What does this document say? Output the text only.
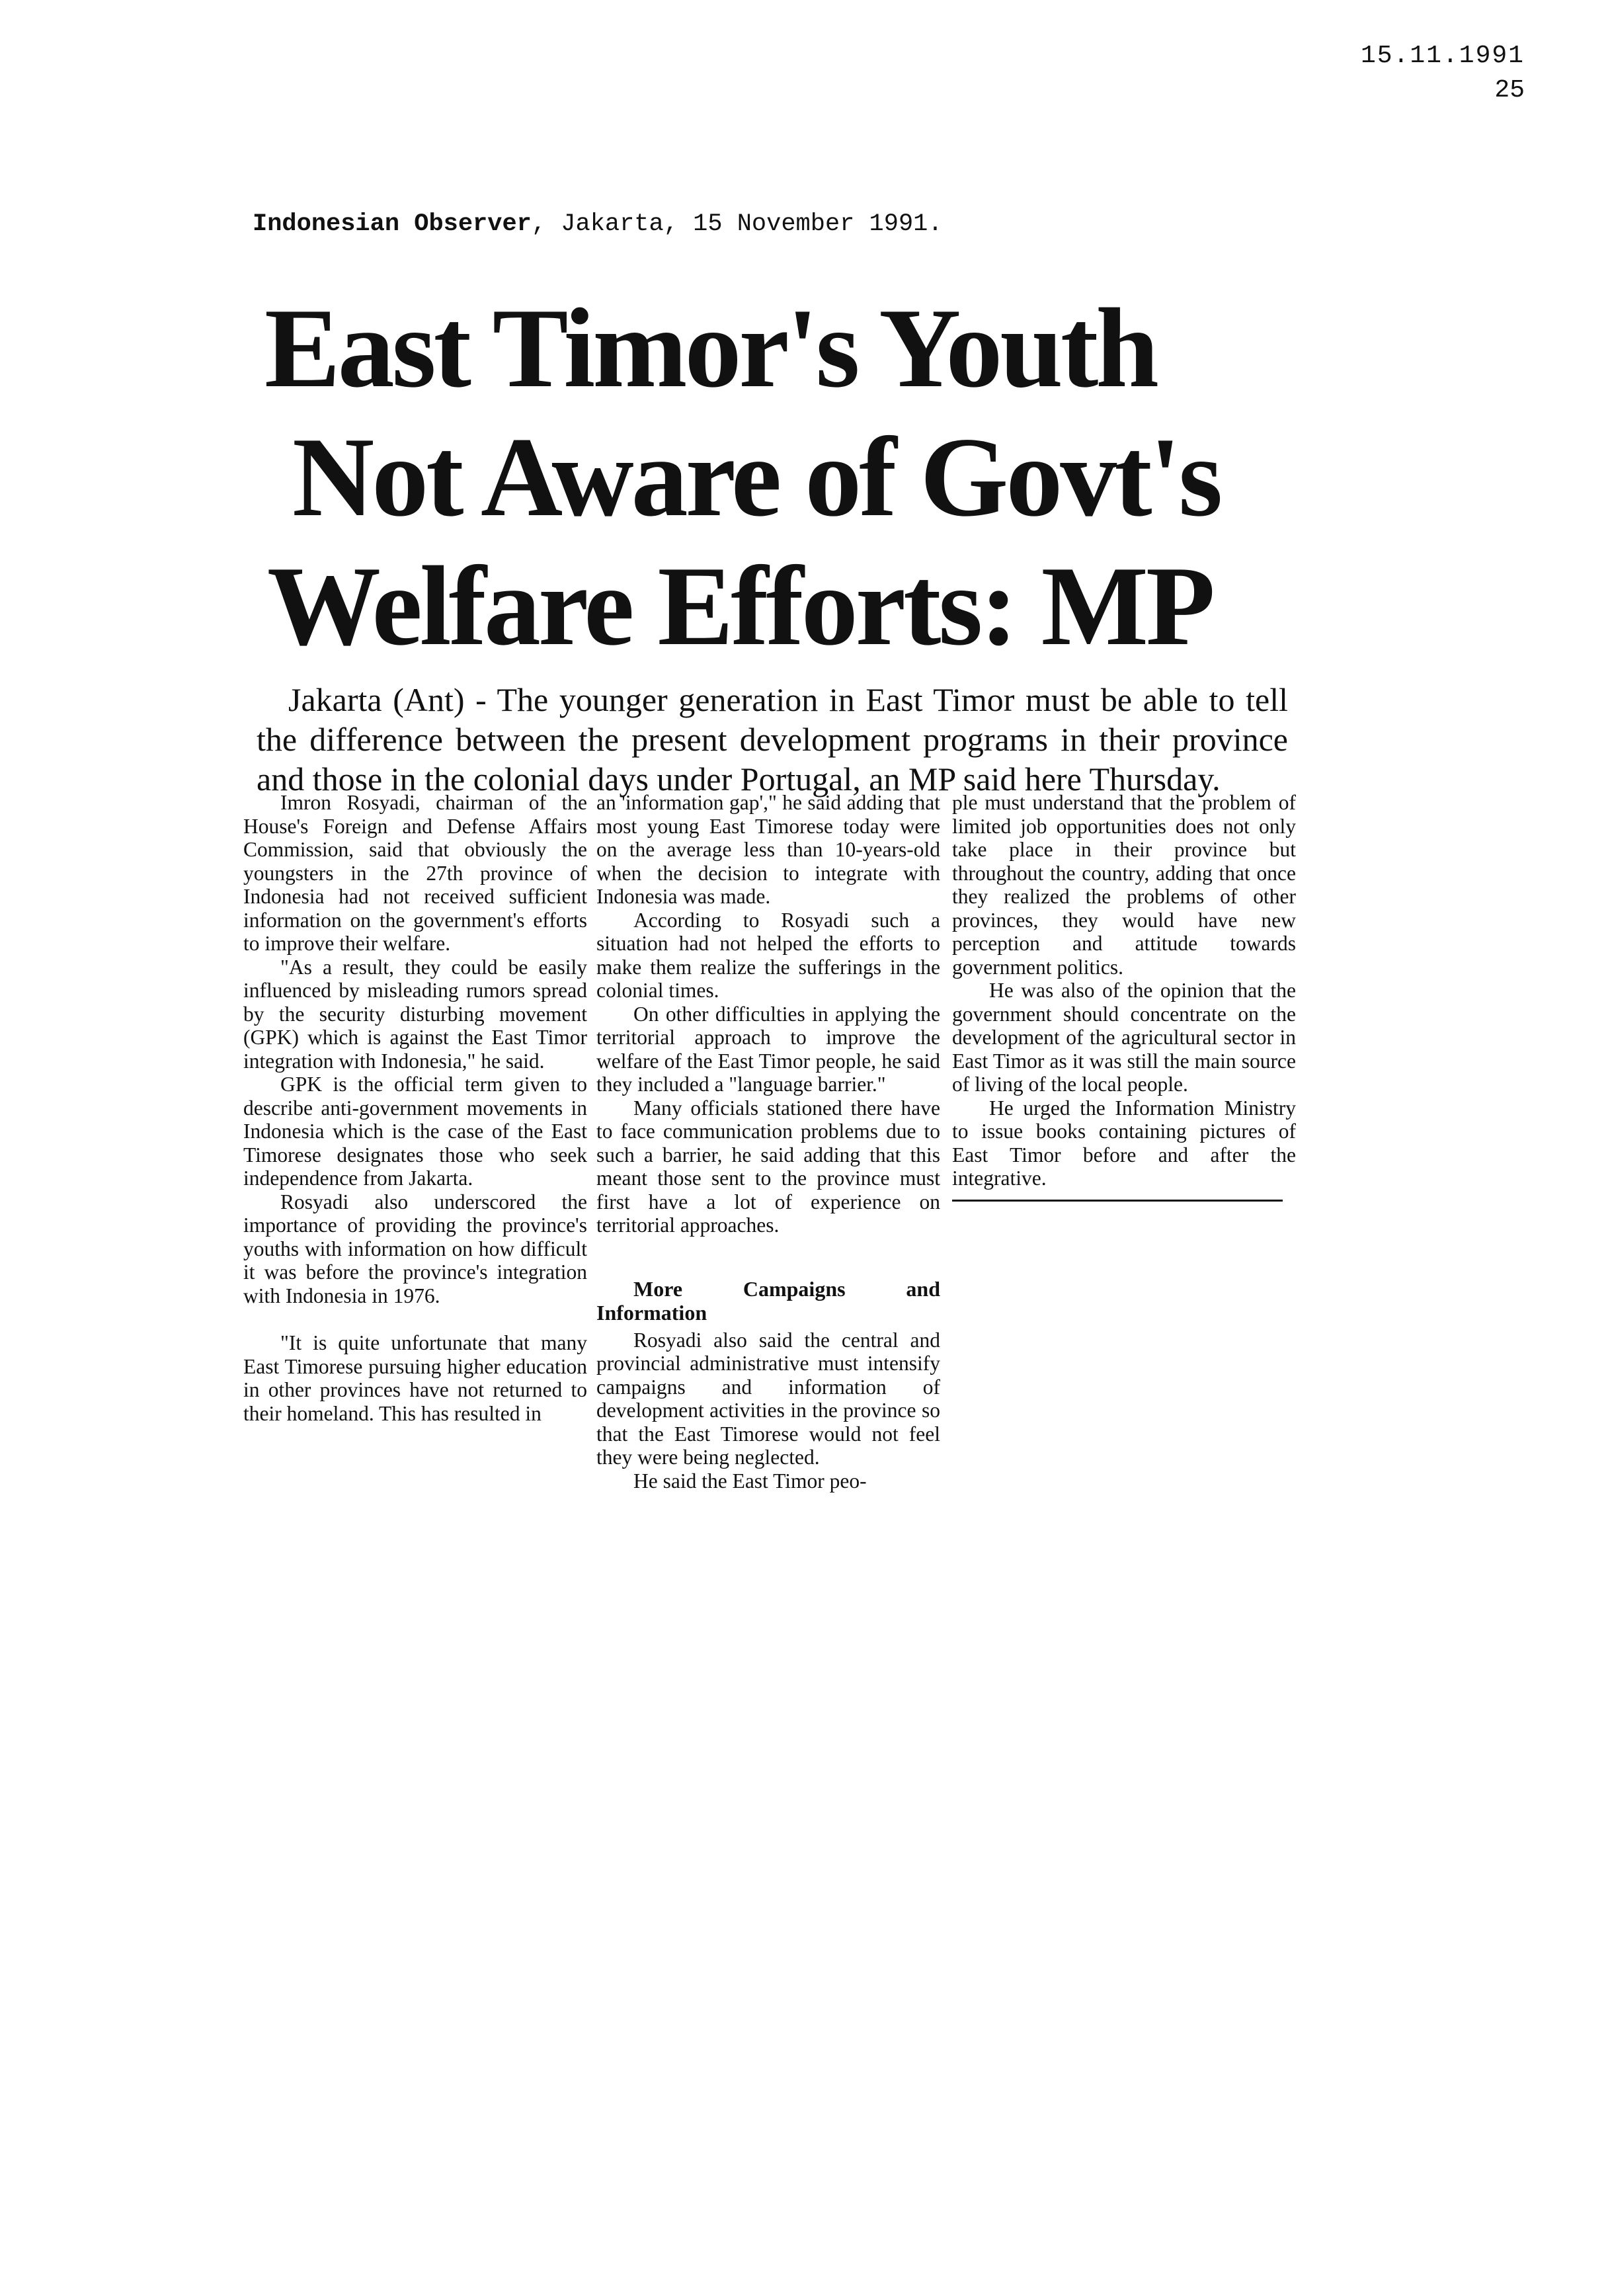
15.11.1991
25
Indonesian Observer, Jakarta, 15 November 1991.
East Timor's Youth
Not Aware of Govt's
Welfare Efforts: MP

Jakarta (Ant) - The younger generation in East Timor must be able to tell the difference between the present development programs in their province and those in the colonial days under Portugal, an MP said here Thursday.

Imron Rosyadi, chairman of the House's Foreign and Defense Affairs Commission, said that obviously the youngsters in the 27th province of Indonesia had not received sufficient information on the government's efforts to improve their welfare.

"As a result, they could be easily influenced by misleading rumors spread by the security disturbing movement (GPK) which is against the East Timor integration with Indonesia," he said.

GPK is the official term given to describe anti-government movements in Indonesia which is the case of the East Timorese designates those who seek independence from Jakarta.

Rosyadi also underscored the importance of providing the province's youths with information on how difficult it was before the province's integration with Indonesia in 1976.

"It is quite unfortunate that many East Timorese pursuing higher education in other provinces have not returned to their homeland. This has resulted in

an 'information gap'," he said adding that most young East Timorese today were on the average less than 10-years-old when the decision to integrate with Indonesia was made.

According to Rosyadi such a situation had not helped the efforts to make them realize the sufferings in the colonial times.

On other difficulties in applying the territorial approach to improve the welfare of the East Timor people, he said they included a "language barrier."

Many officials stationed there have to face communication problems due to such a barrier, he said adding that this meant those sent to the province must first have a lot of experience on territorial approaches.

More Campaigns and Information

Rosyadi also said the central and provincial administrative must intensify campaigns and information of development activities in the province so that the East Timorese would not feel they were being neglected.

He said the East Timor peo-

ple must understand that the problem of limited job opportunities does not only take place in their province but throughout the country, adding that once they realized the problems of other provinces, they would have new perception and attitude towards government politics.

He was also of the opinion that the government should concentrate on the development of the agricultural sector in East Timor as it was still the main source of living of the local people.

He urged the Information Ministry to issue books containing pictures of East Timor before and after the integrative.
